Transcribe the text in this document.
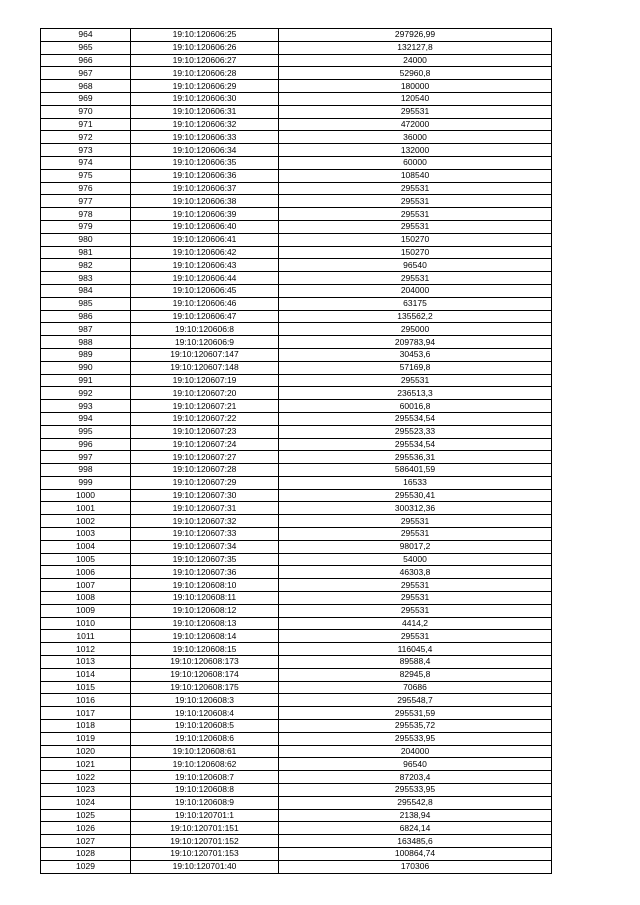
964	19:10:120606:25	297926,99
965	19:10:120606:26	132127,8
966	19:10:120606:27	24000
967	19:10:120606:28	52960,8
968	19:10:120606:29	180000
969	19:10:120606:30	120540
970	19:10:120606:31	295531
971	19:10:120606:32	472000
972	19:10:120606:33	36000
973	19:10:120606:34	132000
974	19:10:120606:35	60000
975	19:10:120606:36	108540
976	19:10:120606:37	295531
977	19:10:120606:38	295531
978	19:10:120606:39	295531
979	19:10:120606:40	295531
980	19:10:120606:41	150270
981	19:10:120606:42	150270
982	19:10:120606:43	96540
983	19:10:120606:44	295531
984	19:10:120606:45	204000
985	19:10:120606:46	63175
986	19:10:120606:47	135562,2
987	19:10:120606:8	295000
988	19:10:120606:9	209783,94
989	19:10:120607:147	30453,6
990	19:10:120607:148	57169,8
991	19:10:120607:19	295531
992	19:10:120607:20	236513,3
993	19:10:120607:21	60016,8
994	19:10:120607:22	295534,54
995	19:10:120607:23	295523,33
996	19:10:120607:24	295534,54
997	19:10:120607:27	295536,31
998	19:10:120607:28	586401,59
999	19:10:120607:29	16533
1000	19:10:120607:30	295530,41
1001	19:10:120607:31	300312,36
1002	19:10:120607:32	295531
1003	19:10:120607:33	295531
1004	19:10:120607:34	98017,2
1005	19:10:120607:35	54000
1006	19:10:120607:36	46303,8
1007	19:10:120608:10	295531
1008	19:10:120608:11	295531
1009	19:10:120608:12	295531
1010	19:10:120608:13	4414,2
1011	19:10:120608:14	295531
1012	19:10:120608:15	116045,4
1013	19:10:120608:173	89588,4
1014	19:10:120608:174	82945,8
1015	19:10:120608:175	70686
1016	19:10:120608:3	295548,7
1017	19:10:120608:4	295531,59
1018	19:10:120608:5	295535,72
1019	19:10:120608:6	295533,95
1020	19:10:120608:61	204000
1021	19:10:120608:62	96540
1022	19:10:120608:7	87203,4
1023	19:10:120608:8	295533,95
1024	19:10:120608:9	295542,8
1025	19:10:120701:1	2138,94
1026	19:10:120701:151	6824,14
1027	19:10:120701:152	163485,6
1028	19:10:120701:153	100864,74
1029	19:10:120701:40	170306
